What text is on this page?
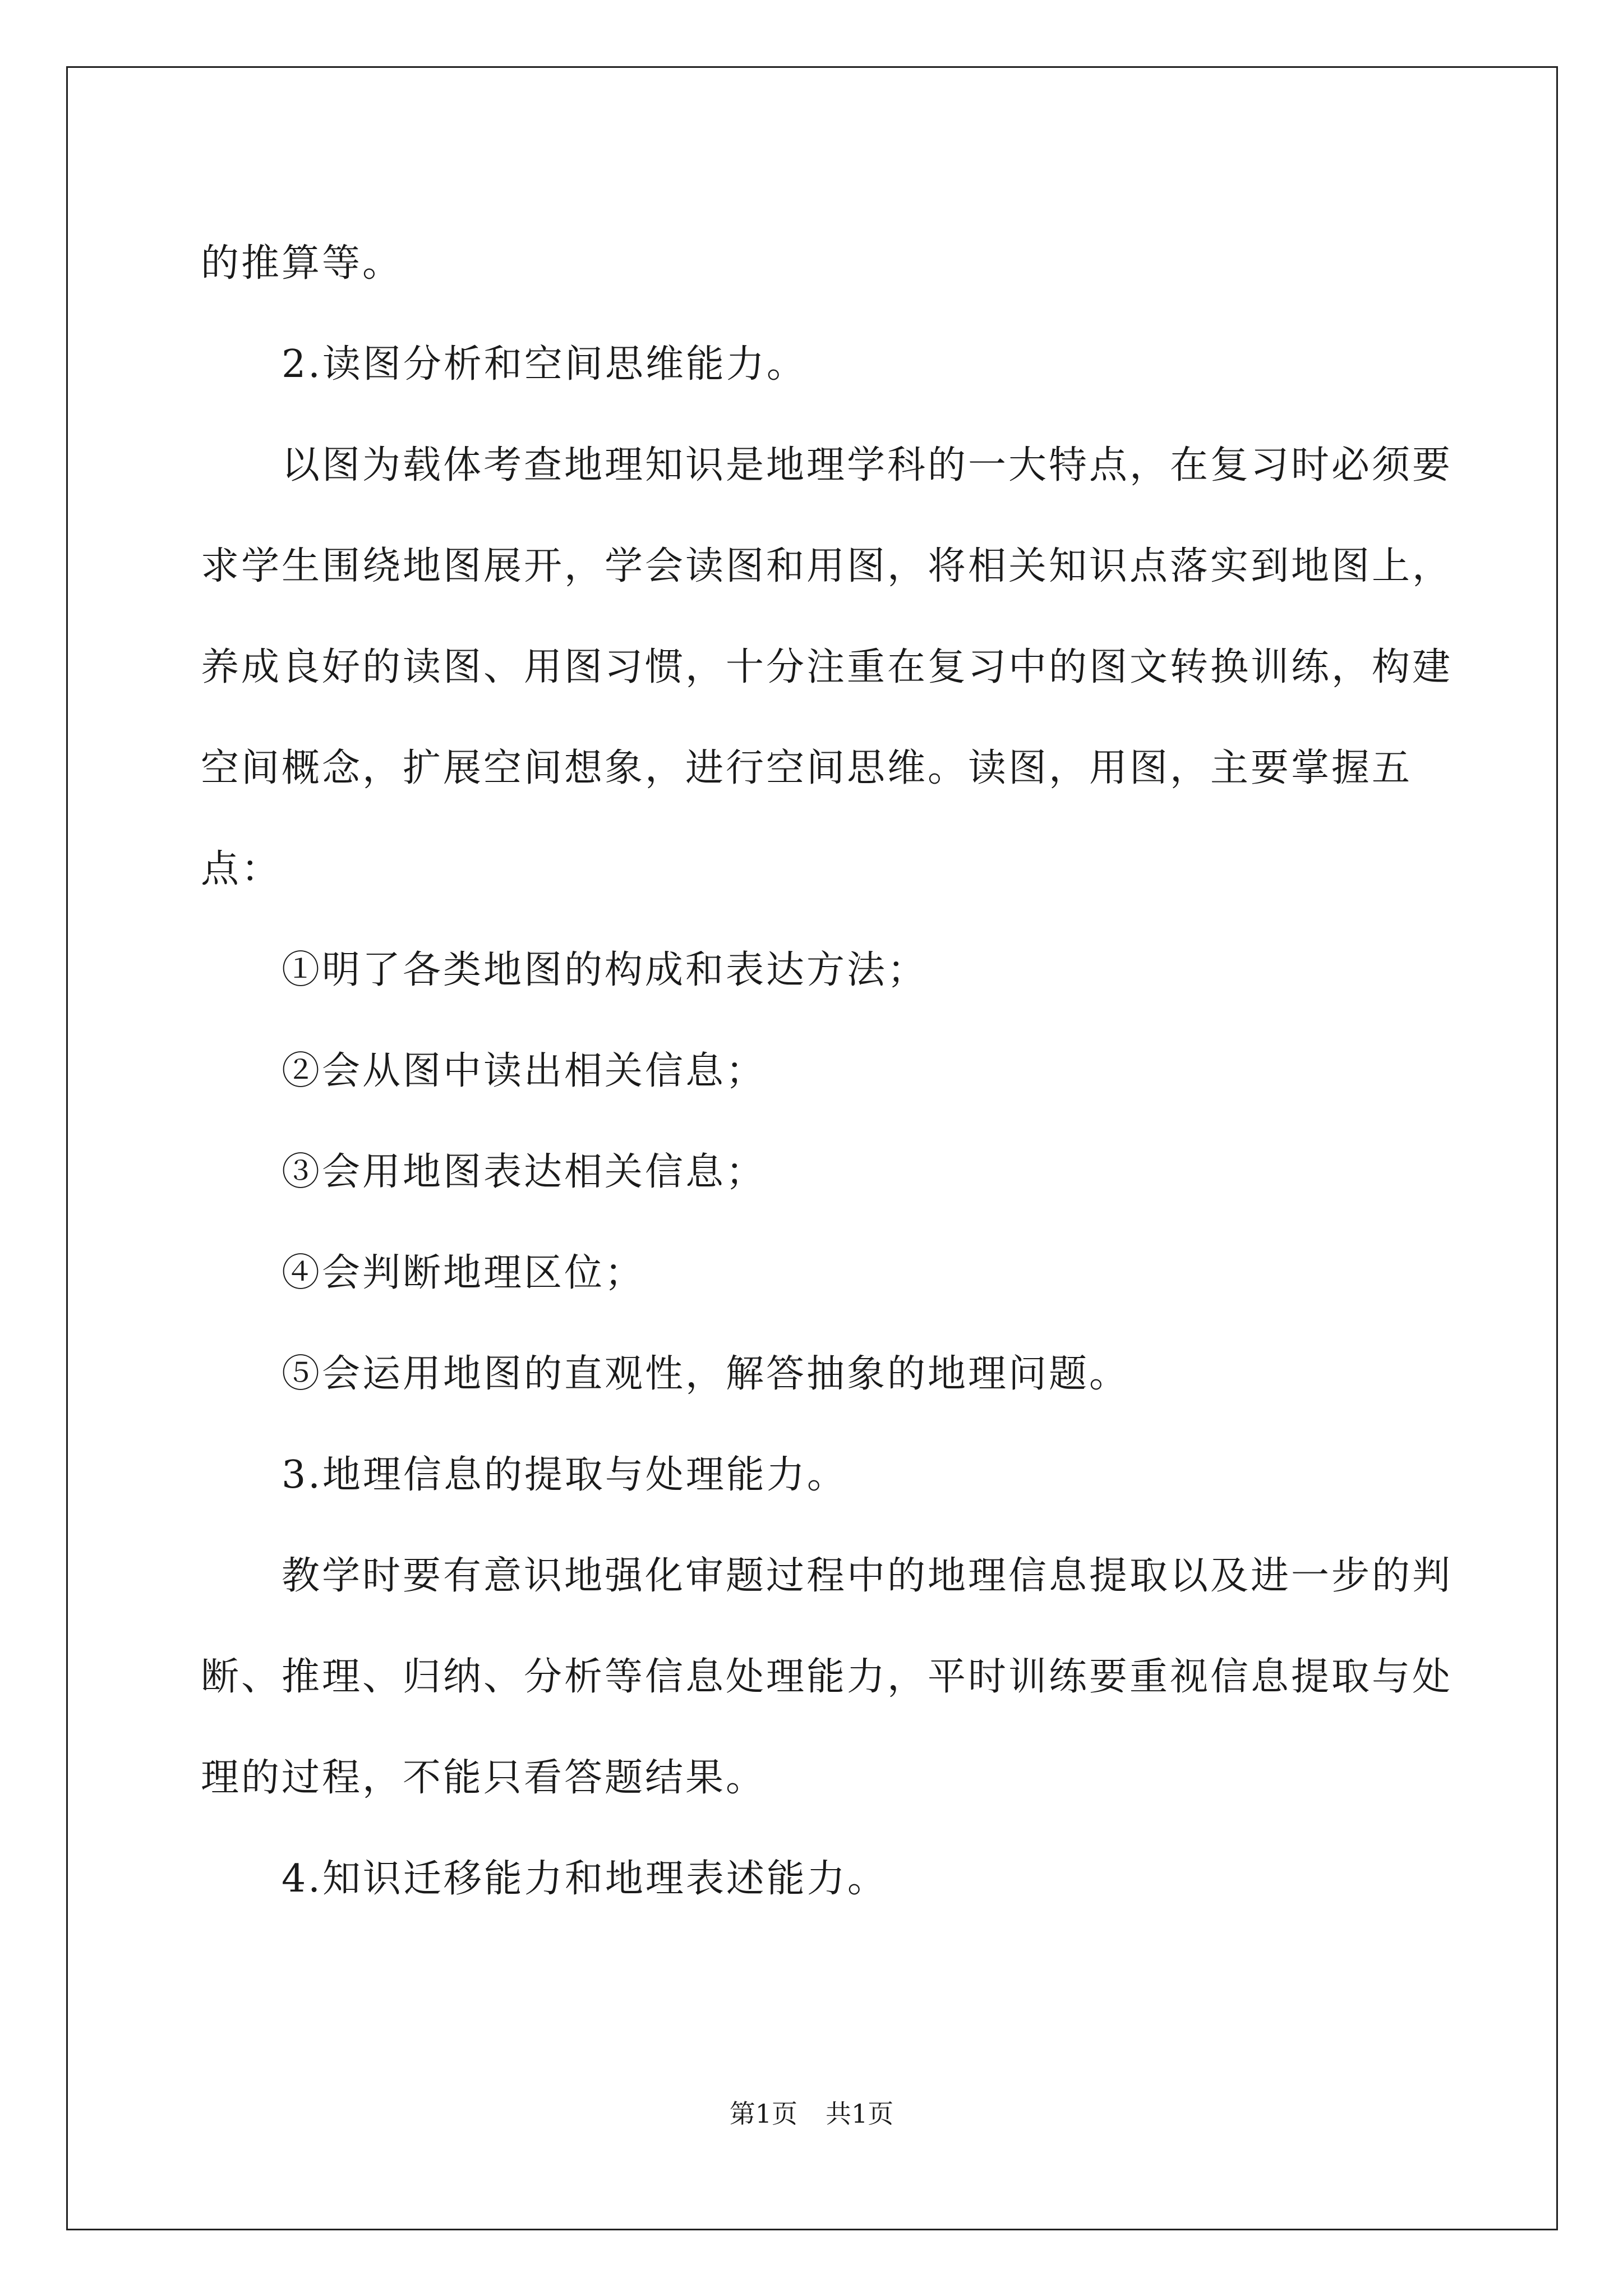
的推算等。

2.读图分析和空间思维能力。

以图为载体考查地理知识是地理学科的一大特点，在复习时必须要求学生围绕地图展开，学会读图和用图，将相关知识点落实到地图上，养成良好的读图、用图习惯，十分注重在复习中的图文转换训练，构建空间概念，扩展空间想象，进行空间思维。读图，用图，主要掌握五点：

①明了各类地图的构成和表达方法；

②会从图中读出相关信息；

③会用地图表达相关信息；

④会判断地理区位；

⑤会运用地图的直观性，解答抽象的地理问题。

3.地理信息的提取与处理能力。

教学时要有意识地强化审题过程中的地理信息提取以及进一步的判断、推理、归纳、分析等信息处理能力，平时训练要重视信息提取与处理的过程，不能只看答题结果。

4.知识迁移能力和地理表述能力。

第1页 共1页
